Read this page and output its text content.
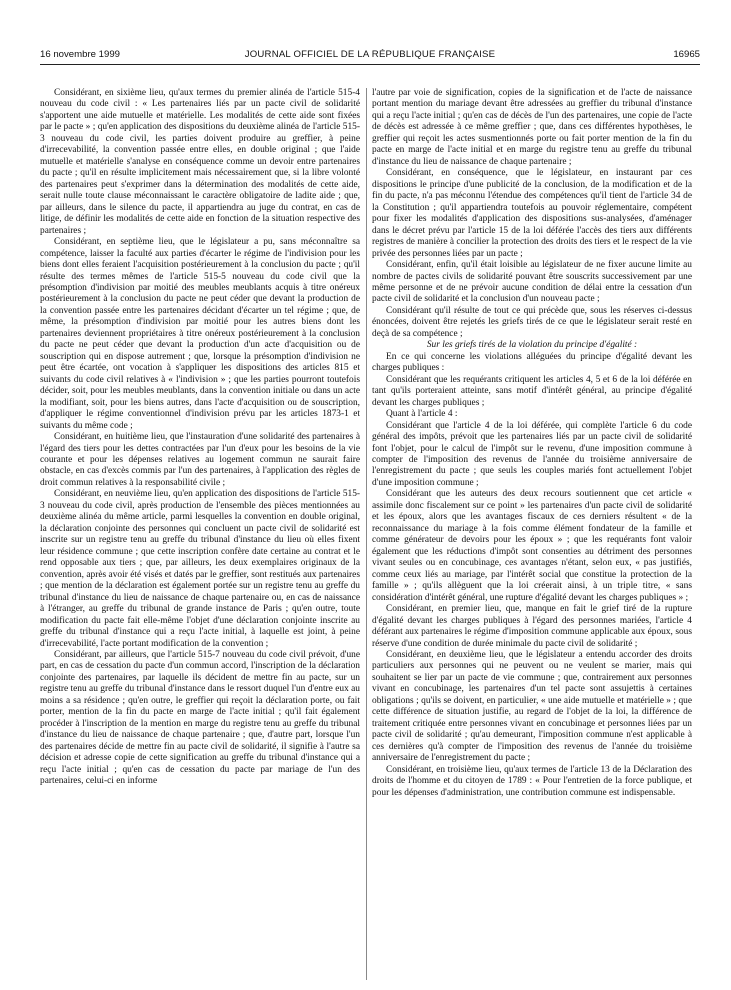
16 novembre 1999	JOURNAL OFFICIEL DE LA RÉPUBLIQUE FRANÇAISE	16965

Considérant, en sixième lieu, qu'aux termes du premier alinéa de l'article 515-4 nouveau du code civil : « Les partenaires liés par un pacte civil de solidarité s'apportent une aide mutuelle et matérielle. Les modalités de cette aide sont fixées par le pacte » ; qu'en application des dispositions du deuxième alinéa de l'article 515-3 nouveau du code civil, les parties doivent produire au greffier, à peine d'irrecevabilité, la convention passée entre elles, en double original ; que l'aide mutuelle et matérielle s'analyse en conséquence comme un devoir entre partenaires du pacte ; qu'il en résulte implicitement mais nécessairement que, si la libre volonté des partenaires peut s'exprimer dans la détermination des modalités de cette aide, serait nulle toute clause méconnaissant le caractère obligatoire de ladite aide ; que, par ailleurs, dans le silence du pacte, il appartiendra au juge du contrat, en cas de litige, de définir les modalités de cette aide en fonction de la situation respective des partenaires ;

Considérant, en septième lieu, que le législateur a pu, sans méconnaître sa compétence, laisser la faculté aux parties d'écarter le régime de l'indivision pour les biens dont elles feraient l'acquisition postérieurement à la conclusion du pacte ; qu'il résulte des termes mêmes de l'article 515-5 nouveau du code civil que la présomption d'indivision par moitié des meubles meublants acquis à titre onéreux postérieurement à la conclusion du pacte ne peut céder que devant la production de la convention passée entre les partenaires décidant d'écarter un tel régime ; que, de même, la présomption d'indivision par moitié pour les autres biens dont les partenaires deviennent propriétaires à titre onéreux postérieurement à la conclusion du pacte ne peut céder que devant la production d'un acte d'acquisition ou de souscription qui en dispose autrement ; que, lorsque la présomption d'indivision ne peut être écartée, ont vocation à s'appliquer les dispositions des articles 815 et suivants du code civil relatives à « l'indivision » ; que les parties pourront toutefois décider, soit, pour les meubles meublants, dans la convention initiale ou dans un acte la modifiant, soit, pour les biens autres, dans l'acte d'acquisition ou de souscription, d'appliquer le régime conventionnel d'indivision prévu par les articles 1873-1 et suivants du même code ;

Considérant, en huitième lieu, que l'instauration d'une solidarité des partenaires à l'égard des tiers pour les dettes contractées par l'un d'eux pour les besoins de la vie courante et pour les dépenses relatives au logement commun ne saurait faire obstacle, en cas d'excès commis par l'un des partenaires, à l'application des règles de droit commun relatives à la responsabilité civile ;

Considérant, en neuvième lieu, qu'en application des dispositions de l'article 515-3 nouveau du code civil, après production de l'ensemble des pièces mentionnées au deuxième alinéa du même article, parmi lesquelles la convention en double original, la déclaration conjointe des personnes qui concluent un pacte civil de solidarité est inscrite sur un registre tenu au greffe du tribunal d'instance du lieu où elles fixent leur résidence commune ; que cette inscription confère date certaine au contrat et le rend opposable aux tiers ; que, par ailleurs, les deux exemplaires originaux de la convention, après avoir été visés et datés par le greffier, sont restitués aux partenaires ; que mention de la déclaration est également portée sur un registre tenu au greffe du tribunal d'instance du lieu de naissance de chaque partenaire ou, en cas de naissance à l'étranger, au greffe du tribunal de grande instance de Paris ; qu'en outre, toute modification du pacte fait elle-même l'objet d'une déclaration conjointe inscrite au greffe du tribunal d'instance qui a reçu l'acte initial, à laquelle est joint, à peine d'irrecevabilité, l'acte portant modification de la convention ;

Considérant, par ailleurs, que l'article 515-7 nouveau du code civil prévoit, d'une part, en cas de cessation du pacte d'un commun accord, l'inscription de la déclaration conjointe des partenaires, par laquelle ils décident de mettre fin au pacte, sur un registre tenu au greffe du tribunal d'instance dans le ressort duquel l'un d'entre eux au moins a sa résidence ; qu'en outre, le greffier qui reçoit la déclaration porte, ou fait porter, mention de la fin du pacte en marge de l'acte initial ; qu'il fait également procéder à l'inscription de la mention en marge du registre tenu au greffe du tribunal d'instance du lieu de naissance de chaque partenaire ; que, d'autre part, lorsque l'un des partenaires décide de mettre fin au pacte civil de solidarité, il signifie à l'autre sa décision et adresse copie de cette signification au greffe du tribunal d'instance qui a reçu l'acte initial ; qu'en cas de cessation du pacte par mariage de l'un des partenaires, celui-ci en informe

l'autre par voie de signification, copies de la signification et de l'acte de naissance portant mention du mariage devant être adressées au greffier du tribunal d'instance qui a reçu l'acte initial ; qu'en cas de décès de l'un des partenaires, une copie de l'acte de décès est adressée à ce même greffier ; que, dans ces différentes hypothèses, le greffier qui reçoit les actes susmentionnés porte ou fait porter mention de la fin du pacte en marge de l'acte initial et en marge du registre tenu au greffe du tribunal d'instance du lieu de naissance de chaque partenaire ;

Considérant, en conséquence, que le législateur, en instaurant par ces dispositions le principe d'une publicité de la conclusion, de la modification et de la fin du pacte, n'a pas méconnu l'étendue des compétences qu'il tient de l'article 34 de la Constitution ; qu'il appartiendra toutefois au pouvoir réglementaire, compétent pour fixer les modalités d'application des dispositions sus-analysées, d'aménager dans le décret prévu par l'article 15 de la loi déférée l'accès des tiers aux différents registres de manière à concilier la protection des droits des tiers et le respect de la vie privée des personnes liées par un pacte ;

Considérant, enfin, qu'il était loisible au législateur de ne fixer aucune limite au nombre de pactes civils de solidarité pouvant être souscrits successivement par une même personne et de ne prévoir aucune condition de délai entre la cessation d'un pacte civil de solidarité et la conclusion d'un nouveau pacte ;

Considérant qu'il résulte de tout ce qui précède que, sous les réserves ci-dessus énoncées, doivent être rejetés les griefs tirés de ce que le législateur serait resté en deçà de sa compétence ;

Sur les griefs tirés de la violation du principe d'égalité :

En ce qui concerne les violations alléguées du principe d'égalité devant les charges publiques :

Considérant que les requérants critiquent les articles 4, 5 et 6 de la loi déférée en tant qu'ils porteraient atteinte, sans motif d'intérêt général, au principe d'égalité devant les charges publiques ;

Quant à l'article 4 :

Considérant que l'article 4 de la loi déférée, qui complète l'article 6 du code général des impôts, prévoit que les partenaires liés par un pacte civil de solidarité font l'objet, pour le calcul de l'impôt sur le revenu, d'une imposition commune à compter de l'imposition des revenus de l'année du troisième anniversaire de l'enregistrement du pacte ; que seuls les couples mariés font actuellement l'objet d'une imposition commune ;

Considérant que les auteurs des deux recours soutiennent que cet article « assimile donc fiscalement sur ce point » les partenaires d'un pacte civil de solidarité et les époux, alors que les avantages fiscaux de ces derniers résultent « de la reconnaissance du mariage à la fois comme élément fondateur de la famille et comme générateur de devoirs pour les époux » ; que les requérants font valoir également que les réductions d'impôt sont consenties au détriment des personnes vivant seules ou en concubinage, ces avantages n'étant, selon eux, « pas justifiés, comme ceux liés au mariage, par l'intérêt social que constitue la protection de la famille » ; qu'ils allèguent que la loi créerait ainsi, à un triple titre, « sans considération d'intérêt général, une rupture d'égalité devant les charges publiques » ;

Considérant, en premier lieu, que, manque en fait le grief tiré de la rupture d'égalité devant les charges publiques à l'égard des personnes mariées, l'article 4 déférant aux partenaires le régime d'imposition commune applicable aux époux, sous réserve d'une condition de durée minimale du pacte civil de solidarité ;

Considérant, en deuxième lieu, que le législateur a entendu accorder des droits particuliers aux personnes qui ne peuvent ou ne veulent se marier, mais qui souhaitent se lier par un pacte de vie commune ; que, contrairement aux personnes vivant en concubinage, les partenaires d'un tel pacte sont assujettis à certaines obligations ; qu'ils se doivent, en particulier, « une aide mutuelle et matérielle » ; que cette différence de situation justifie, au regard de l'objet de la loi, la différence de traitement critiquée entre personnes vivant en concubinage et personnes liées par un pacte civil de solidarité ; qu'au demeurant, l'imposition commune n'est applicable à ces dernières qu'à compter de l'imposition des revenus de l'année du troisième anniversaire de l'enregistrement du pacte ;

Considérant, en troisième lieu, qu'aux termes de l'article 13 de la Déclaration des droits de l'homme et du citoyen de 1789 : « Pour l'entretien de la force publique, et pour les dépenses d'administration, une contribution commune est indispensable.
